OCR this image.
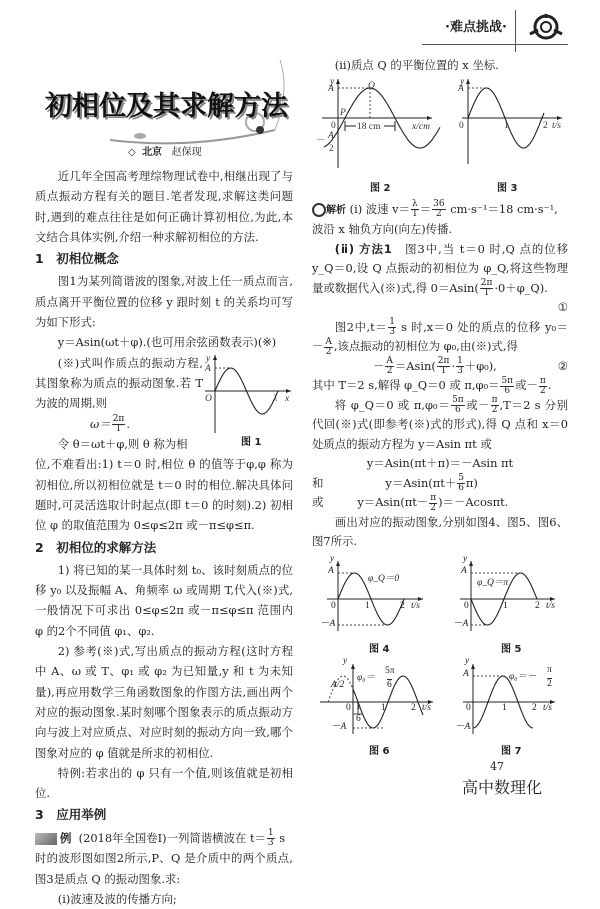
·难点挑战·
初相位及其求解方法
◇ 北京 赵保现

近几年全国高考理综物理试卷中,相继出现了与质点振动方程有关的题目.笔者发现,求解这类问题时,遇到的难点往往是如何正确计算初相位,为此,本文结合具体实例,介绍一种求解初相位的方法.

1　初相位概念

图1为某列简谐波的图象,对波上任一质点而言,质点离开平衡位置的位移 y 跟时刻 t 的关系均可写为如下形式:

y＝Asin(ωt＋φ).(也可用余弦函数表示)(※)

y
A
O	λ x
图 1

(※)式叫作质点的振动方程,其图象称为质点的振动图象.若 T 为波的周期,则

$\omega= \frac{2\pi}{T}$ .

令 θ＝ωt＋φ,则 θ 称为相

位,不难看出:1) t＝0 时,相位 θ 的值等于φ,φ 称为初相位,所以初相位就是 t＝0 时的相位.解决具体问题时,可灵活选取计时起点(即 t＝0 的时刻).2) 初相位 φ 的取值范围为 0≤φ≤2π 或－π≤φ≤π.

2　初相位的求解方法

1) 将已知的某一具体时刻 t₀、该时刻质点的位移 y₀ 以及振幅 A、角频率 ω 或周期 T,代入(※)式,一般情况下可求出 0≤φ≤2π 或－π≤φ≤π 范围内 φ 的2个不同值 φ₁、φ₂.

2) 参考(※)式,写出质点的振动方程(这时方程中 A、ω 或 T、φ₁ 或 φ₂ 为已知量,y 和 t 为未知量),再应用数学三角函数图象的作图方法,画出两个对应的振动图象.某时刻哪个图象表示的质点振动方向与波上对应质点、对应时刻的振动方向一致,哪个图象对应的 φ 值就是所求的初相位.

特例:若求出的 φ 只有一个值,则该值就是初相位.

3　应用举例

例 (2018年全国卷Ⅰ)一列简谐横波在 $t= \frac{1}{3}$ s

时的波形图如图2所示,P、Q 是介质中的两个质点,图3是质点 Q 的振动图象.求:

(ⅰ)波速及波的传播方向;

(ⅱ)质点 Q 的平衡位置的 x 坐标.

y
A	Q
P
0 18 cm	x/cm
－ A
2
y
A
0	1	2 t/s
图 2	图 3

解析 (ⅰ) 波速 $v= \frac{\lambda}{T} = \frac{36}{2} cm\cdot s^{-1}=18$ cm·s⁻¹,

波沿 x 轴负方向(向左)传播.

(ⅱ) 方法1　图3中,当 t＝0 时,Q 点的位移 y_Q＝0,设 Q 点振动的初相位为 φ_Q,将这些物理量或数据代入(※)式,得 $0=Asin( \frac{2\pi}{T}$ ·0＋φ_Q).
①

图2中$,t= \frac{1}{3}$ s 时,x＝0 处的质点的位移 $y_0=- \frac{A}{2}$ ,该点振动的初相位为 φ₀,由(※)式,得

－ $\frac{A}{2} =Asin( \frac{2\pi}{T} \cdot \frac{1}{3} +\varphi_0)$,	②

其中 T＝2 s,解得 φ_Q＝0 或 $\pi,\varphi_0= \frac{5\pi}{6}$ 或－ $\frac{\pi}{2}$ .

将 φ_Q＝0 或 $\pi,\varphi_0= \frac{5\pi}{6}$ 或－ $\frac{\pi}{2} ,T=2$ s 分别代回(※)式(即参考(※)式的形式),得 Q 点和 x＝0 处质点的振动方程为 y＝Asin πt 或

y＝Asin(πt＋π)＝－Asin πt

和	$y=Asin(\pi t+ \frac{5}{6} \pi)$

或	$y=Asin(\pi t- \frac{\pi}{2} )=-Acos\pi t$.

画出对应的振动图象,分别如图4、图5、图6、图7所示.

y
A
－A
0	1	2 t/s
φ_Q＝0
y
A
－A
0	1	2 t/s
φ_Q＝π
y
A/2
－A
0 1
6
1	2 t/s
φ₀＝
5π
6
y
A
－A
0	1	2 t/s
φ₀＝－
π
2
图 4	图 5
图 6	图 7
47
高中数理化
